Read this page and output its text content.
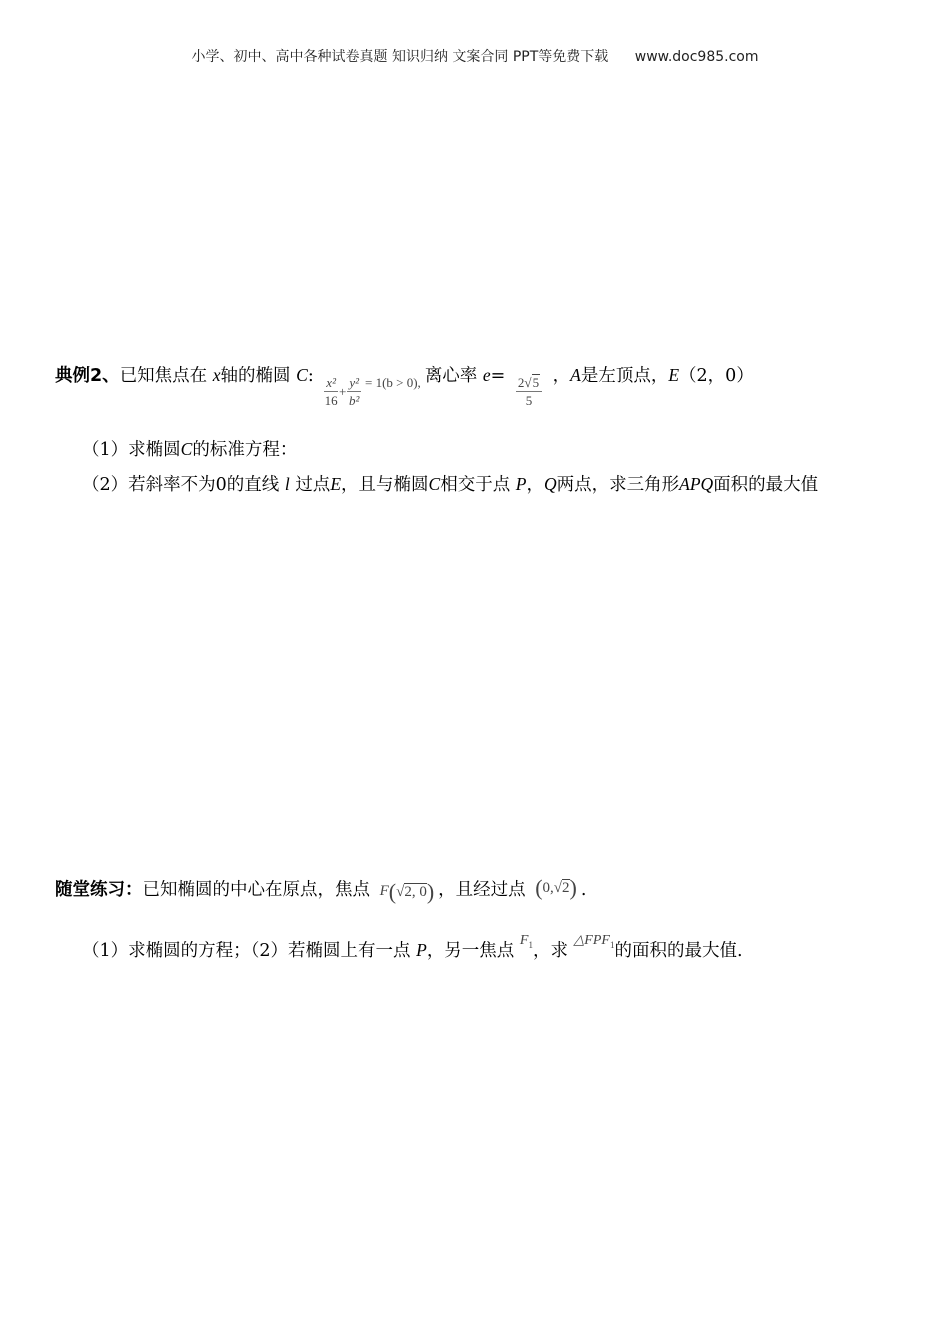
小学、初中、高中各种试卷真题 知识归纳 文案合同 PPT等免费下载 www.doc985.com
典例2、已知焦点在 x轴的椭圆 C: $\frac{\text{x²}}{16} + \frac{\text{y²}}{\text{b²}} = 1(b > 0)$, 离心率 $e= \frac{2√5}{5}$ ，A是左顶点，E（2，0）
（1）求椭圆C的标准方程：
（2）若斜率不为0的直线 l 过点E，且与椭圆C相交于点 P，Q两点，求三角形APQ面积的最大值
随堂练习：已知椭圆的中心在原点，焦点 F ( √2, 0 ) ，且经过点 ( 0, √2 ) .
（1）求椭圆的方程；（2）若椭圆上有一点 P，另一焦点 $^{F_1}$，求 $^{\triangle FPF_1}$的面积的最大值.
